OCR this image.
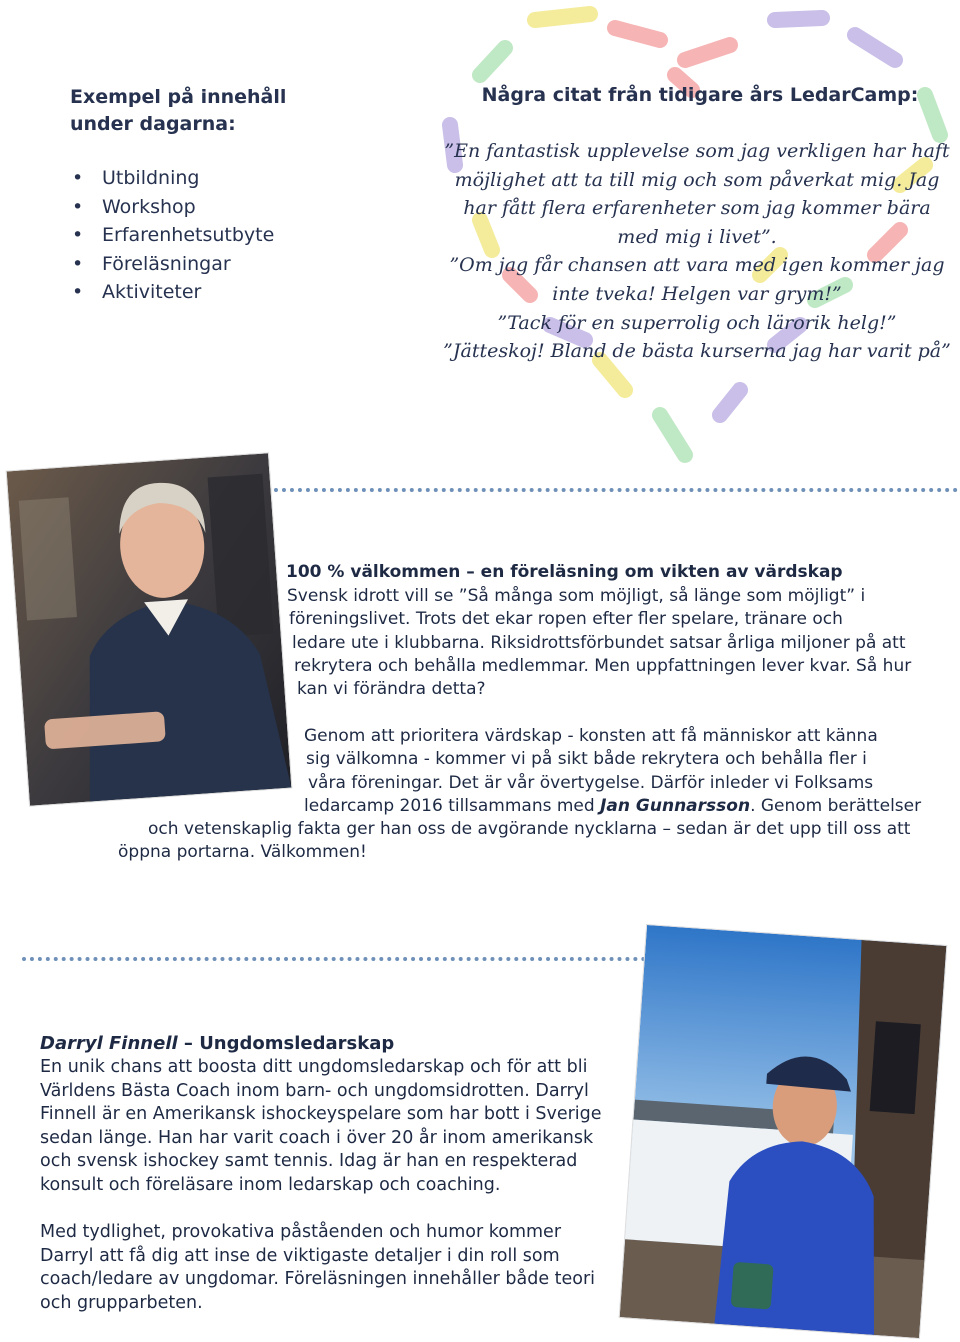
Exempel på innehåll
under dagarna:
• Utbildning
• Workshop
• Erfarenhetsutbyte
• Föreläsningar
• Aktiviteter
Några citat från tidigare års LedarCamp:

”En fantastisk upplevelse som jag verkligen har haft

möjlighet att ta till mig och som påverkat mig. Jag

har fått flera erfarenheter som jag kommer bära

med mig i livet”.

”Om jag får chansen att vara med igen kommer jag

inte tveka! Helgen var grym!”

”Tack för en superrolig och lärorik helg!”

”Jätteskoj! Bland de bästa kurserna jag har varit på”

100 % välkommen – en föreläsning om vikten av värdskap
Svensk idrott vill se ”Så många som möjligt, så länge som möjligt” i
föreningslivet. Trots det ekar ropen efter fler spelare, tränare och
ledare ute i klubbarna. Riksidrottsförbundet satsar årliga miljoner på att
rekrytera och behålla medlemmar. Men uppfattningen lever kvar. Så hur
kan vi förändra detta?
Genom att prioritera värdskap - konsten att få människor att känna
sig välkomna - kommer vi på sikt både rekrytera och behålla fler i
våra föreningar. Det är vår övertygelse. Därför inleder vi Folksams
ledarcamp 2016 tillsammans med Jan Gunnarsson. Genom berättelser
och vetenskaplig fakta ger han oss de avgörande nycklarna – sedan är det upp till oss att
öppna portarna. Välkommen!
Darryl Finnell – Ungdomsledarskap
En unik chans att boosta ditt ungdomsledarskap och för att bli
Världens Bästa Coach inom barn- och ungdomsidrotten. Darryl
Finnell är en Amerikansk ishockeyspelare som har bott i Sverige
sedan länge. Han har varit coach i över 20 år inom amerikansk
och svensk ishockey samt tennis. Idag är han en respekterad
konsult och föreläsare inom ledarskap och coaching.
Med tydlighet, provokativa påståenden och humor kommer
Darryl att få dig att inse de viktigaste detaljer i din roll som
coach/ledare av ungdomar. Föreläsningen innehåller både teori
och grupparbeten.
